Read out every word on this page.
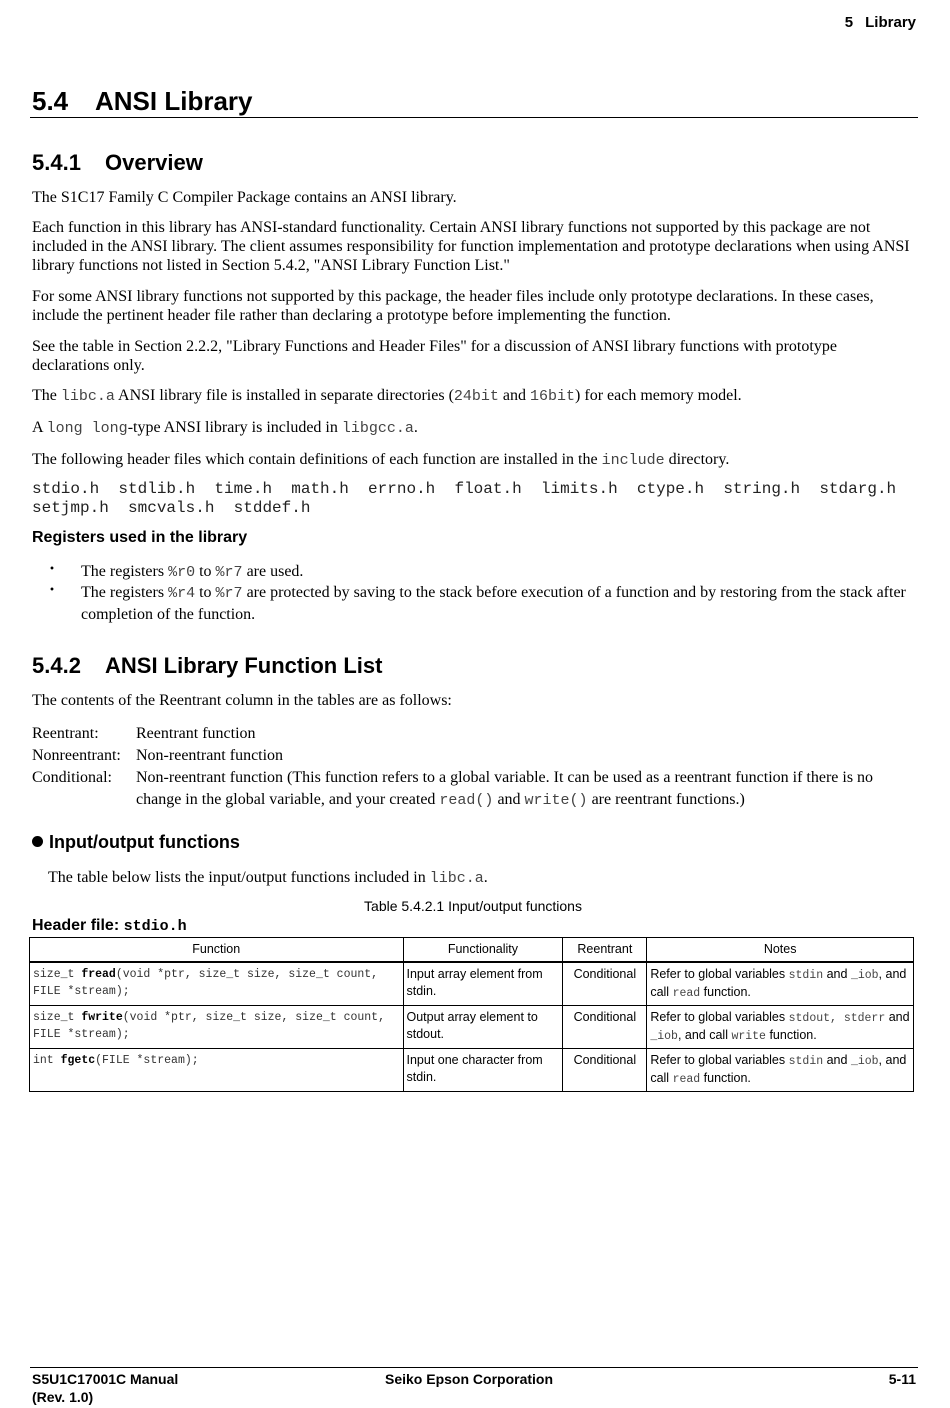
5 Library
5.4 ANSI Library
5.4.1 Overview
The S1C17 Family C Compiler Package contains an ANSI library.
Each function in this library has ANSI-standard functionality. Certain ANSI library functions not supported by this package are not included in the ANSI library. The client assumes responsibility for function implementation and prototype declarations when using ANSI library functions not listed in Section 5.4.2, "ANSI Library Function List."
For some ANSI library functions not supported by this package, the header files include only prototype declarations. In these cases, include the pertinent header file rather than declaring a prototype before implementing the function.
See the table in Section 2.2.2, "Library Functions and Header Files" for a discussion of ANSI library functions with prototype declarations only.
The libc.a ANSI library file is installed in separate directories (24bit and 16bit) for each memory model.
A long long-type ANSI library is included in libgcc.a.
The following header files which contain definitions of each function are installed in the include directory.
stdio.h  stdlib.h  time.h  math.h  errno.h  float.h  limits.h  ctype.h  string.h  stdarg.h
setjmp.h  smcvals.h  stddef.h
Registers used in the library
・ The registers %r0 to %r7 are used.
・ The registers %r4 to %r7 are protected by saving to the stack before execution of a function and by restoring from the stack after completion of the function.
5.4.2 ANSI Library Function List
The contents of the Reentrant column in the tables are as follows:
Reentrant: Reentrant function
Nonreentrant: Non-reentrant function
Conditional: Non-reentrant function (This function refers to a global variable. It can be used as a reentrant function if there is no change in the global variable, and your created read() and write() are reentrant functions.)
Input/output functions
The table below lists the input/output functions included in libc.a.
Table 5.4.2.1 Input/output functions
Header file: stdio.h
Function	Functionality	Reentrant	Notes
size_t fread(void *ptr, size_t size, size_t count, FILE *stream);	Input array element from stdin.	Conditional	Refer to global variables stdin and _iob, and call read function.
size_t fwrite(void *ptr, size_t size, size_t count, FILE *stream);	Output array element to stdout.	Conditional	Refer to global variables stdout, stderr and _iob, and call write function.
int fgetc(FILE *stream);	Input one character from stdin.	Conditional	Refer to global variables stdin and _iob, and call read function.
S5U1C17001C Manual
(Rev. 1.0)
Seiko Epson Corporation	5-11
